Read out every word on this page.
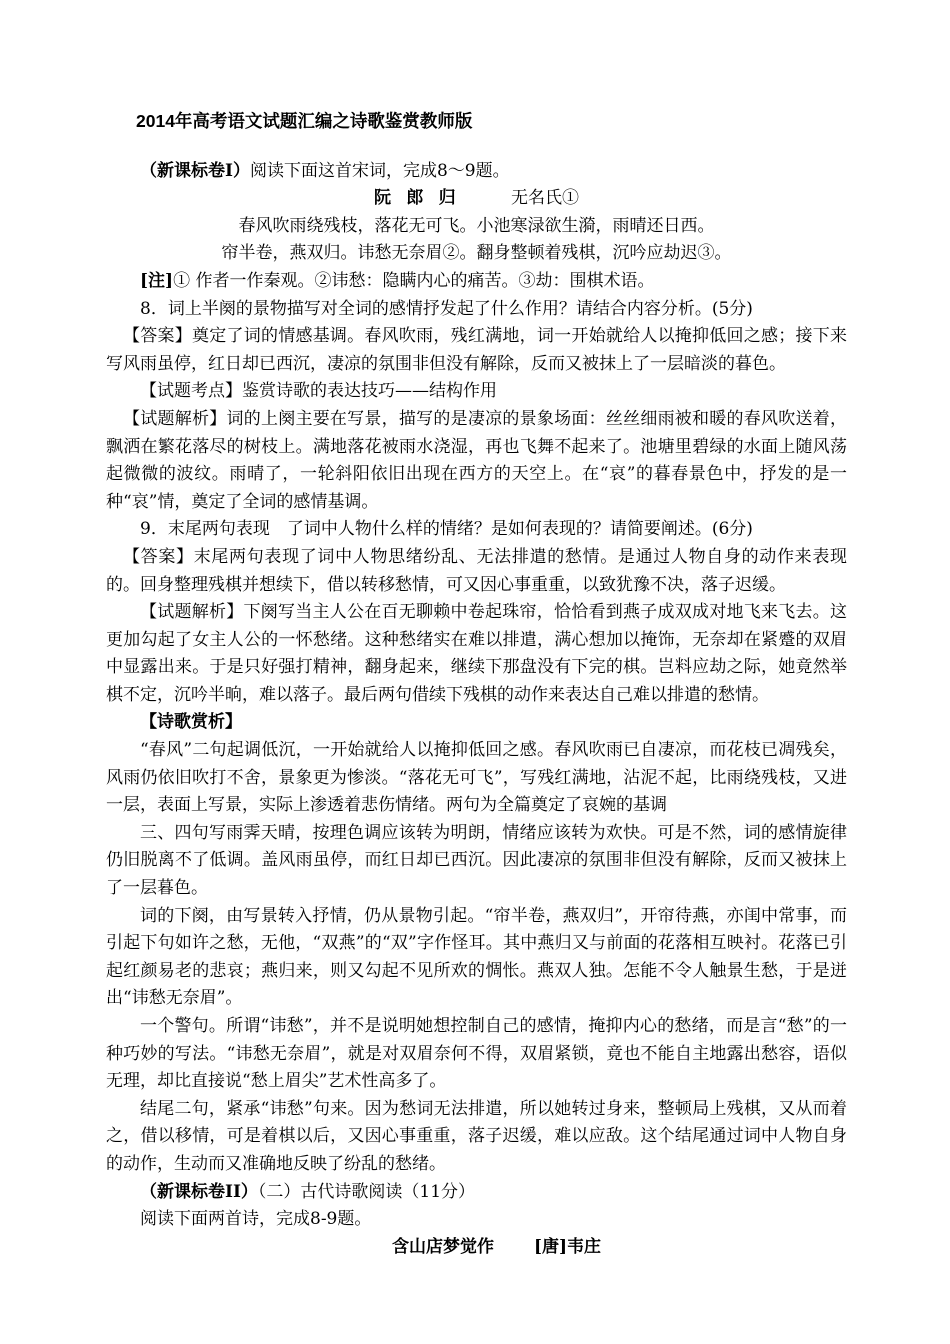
2014年高考语文试题汇编之诗歌鉴赏教师版

（新课标卷Ⅰ）阅读下面这首宋词，完成8～9题。

阮郎归 无名氏①

春风吹雨绕残枝，落花无可飞。小池寒渌欲生漪，雨晴还日西。

帘半卷，燕双归。讳愁无奈眉②。翻身整顿着残棋，沉吟应劫迟③。

[注]① 作者一作秦观。②讳愁：隐瞒内心的痛苦。③劫：围棋术语。

8．词上半阕的景物描写对全词的感情抒发起了什么作用？请结合内容分析。(5分)

【答案】奠定了词的情感基调。春风吹雨，残红满地，词一开始就给人以掩抑低回之感；接下来写风雨虽停，红日却已西沉，凄凉的氛围非但没有解除，反而又被抹上了一层暗淡的暮色。

【试题考点】鉴赏诗歌的表达技巧——结构作用

【试题解析】词的上阕主要在写景，描写的是凄凉的景象场面：丝丝细雨被和暖的春风吹送着，飘洒在繁花落尽的树枝上。满地落花被雨水浇湿，再也飞舞不起来了。池塘里碧绿的水面上随风荡起微微的波纹。雨晴了，一轮斜阳依旧出现在西方的天空上。在“哀”的暮春景色中，抒发的是一种“哀”情，奠定了全词的感情基调。

9．末尾两句表现　了词中人物什么样的情绪？是如何表现的？请简要阐述。(6分)

【答案】末尾两句表现了词中人物思绪纷乱、无法排遣的愁情。是通过人物自身的动作来表现的。回身整理残棋并想续下，借以转移愁情，可又因心事重重，以致犹豫不决，落子迟缓。

【试题解析】下阕写当主人公在百无聊赖中卷起珠帘，恰恰看到燕子成双成对地飞来飞去。这更加勾起了女主人公的一怀愁绪。这种愁绪实在难以排遣，满心想加以掩饰，无奈却在紧蹙的双眉中显露出来。于是只好强打精神，翻身起来，继续下那盘没有下完的棋。岂料应劫之际，她竟然举棋不定，沉吟半晌，难以落子。最后两句借续下残棋的动作来表达自己难以排遣的愁情。

【诗歌赏析】

“春风”二句起调低沉，一开始就给人以掩抑低回之感。春风吹雨已自凄凉，而花枝已凋残矣，风雨仍依旧吹打不舍，景象更为惨淡。“落花无可飞”，写残红满地，沾泥不起，比雨绕残枝，又进一层，表面上写景，实际上渗透着悲伤情绪。两句为全篇奠定了哀婉的基调

三、四句写雨霁天晴，按理色调应该转为明朗，情绪应该转为欢快。可是不然，词的感情旋律仍旧脱离不了低调。盖风雨虽停，而红日却已西沉。因此凄凉的氛围非但没有解除，反而又被抹上了一层暮色。

词的下阕，由写景转入抒情，仍从景物引起。“帘半卷，燕双归”，开帘待燕，亦闺中常事，而引起下句如许之愁，无他，“双燕”的“双”字作怪耳。其中燕归又与前面的花落相互映衬。花落已引起红颜易老的悲哀；燕归来，则又勾起不见所欢的惆怅。燕双人独。怎能不令人触景生愁，于是迸出“讳愁无奈眉”。

一个警句。所谓“讳愁”，并不是说明她想控制自己的感情，掩抑内心的愁绪，而是言“愁”的一种巧妙的写法。“讳愁无奈眉”，就是对双眉奈何不得，双眉紧锁，竟也不能自主地露出愁容，语似无理，却比直接说“愁上眉尖”艺术性高多了。

结尾二句，紧承“讳愁”句来。因为愁词无法排遣，所以她转过身来，整顿局上残棋，又从而着之，借以移情，可是着棋以后，又因心事重重，落子迟缓，难以应敌。这个结尾通过词中人物自身的动作，生动而又准确地反映了纷乱的愁绪。

（新课标卷II）（二）古代诗歌阅读（11分）

阅读下面两首诗，完成8-9题。

含山店梦觉作 [唐]韦庄
